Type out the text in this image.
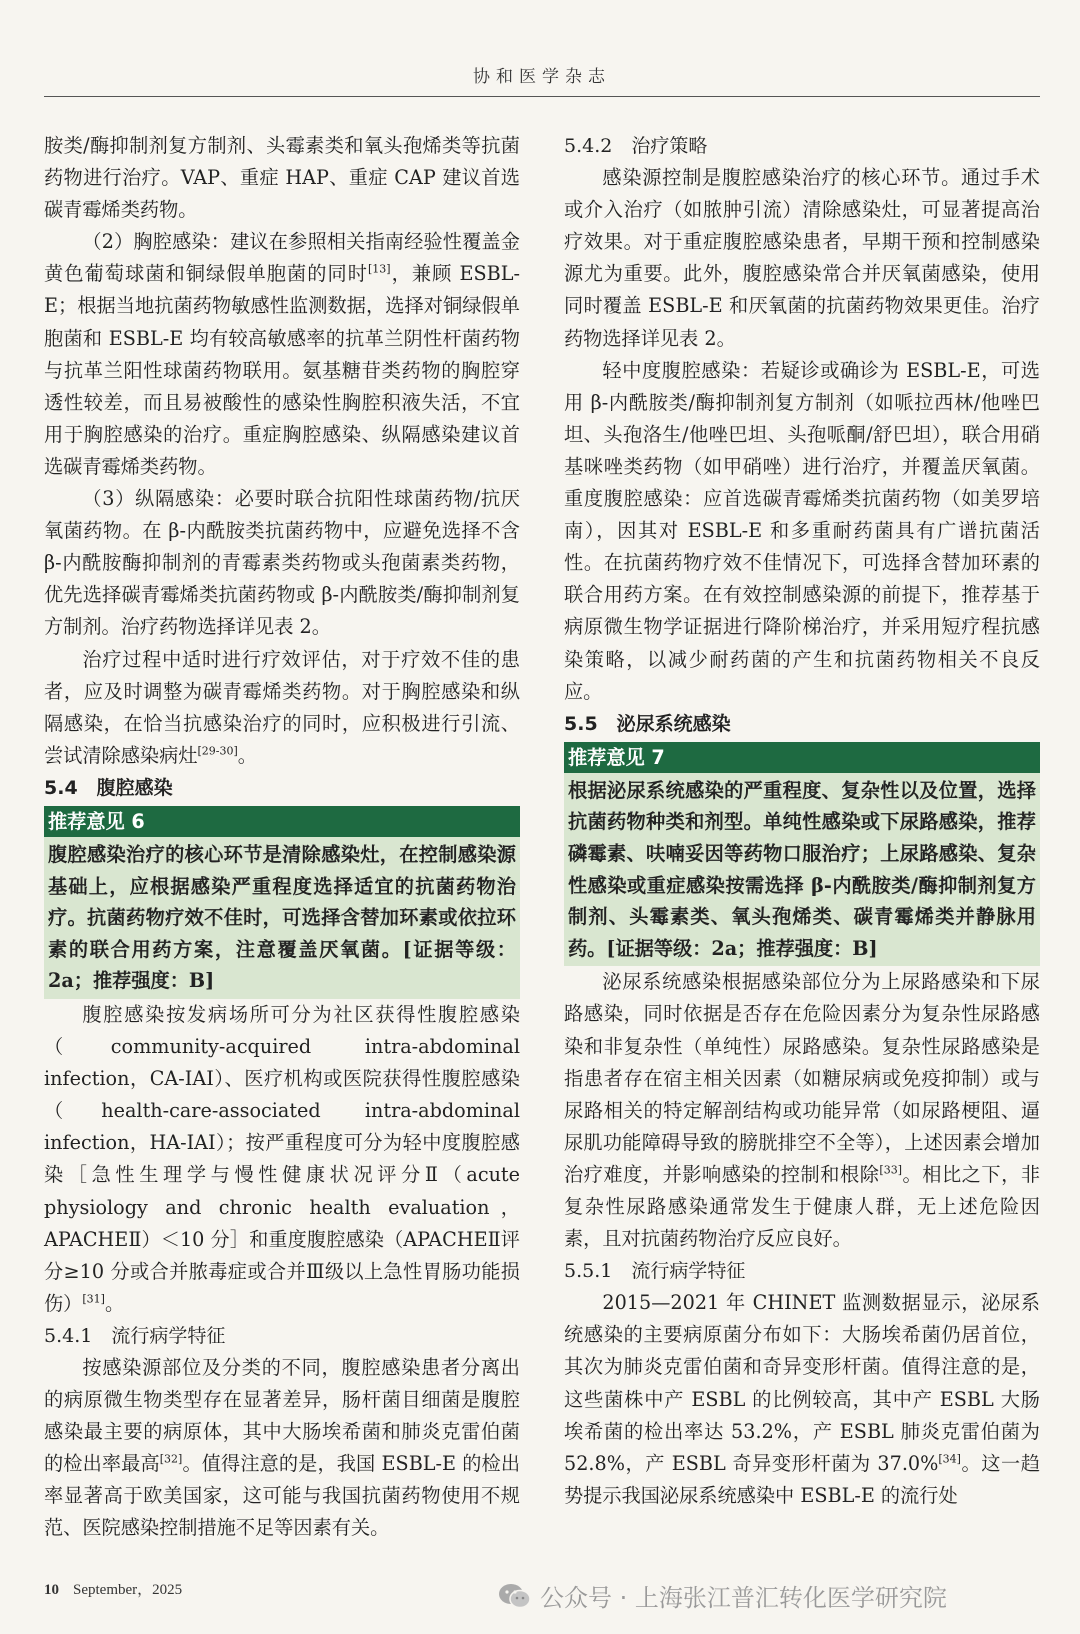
协和医学杂志

胺类/酶抑制剂复方制剂、头霉素类和氧头孢烯类等抗菌药物进行治疗。VAP、重症 HAP、重症 CAP 建议首选碳青霉烯类药物。

（2）胸腔感染：建议在参照相关指南经验性覆盖金黄色葡萄球菌和铜绿假单胞菌的同时[13]，兼顾 ESBL-E；根据当地抗菌药物敏感性监测数据，选择对铜绿假单胞菌和 ESBL-E 均有较高敏感率的抗革兰阴性杆菌药物与抗革兰阳性球菌药物联用。氨基糖苷类药物的胸腔穿透性较差，而且易被酸性的感染性胸腔积液失活，不宜用于胸腔感染的治疗。重症胸腔感染、纵隔感染建议首选碳青霉烯类药物。

（3）纵隔感染：必要时联合抗阳性球菌药物/抗厌氧菌药物。在 β-内酰胺类抗菌药物中，应避免选择不含 β-内酰胺酶抑制剂的青霉素类药物或头孢菌素类药物，优先选择碳青霉烯类抗菌药物或 β-内酰胺类/酶抑制剂复方制剂。治疗药物选择详见表 2。

治疗过程中适时进行疗效评估，对于疗效不佳的患者，应及时调整为碳青霉烯类药物。对于胸腔感染和纵隔感染，在恰当抗感染治疗的同时，应积极进行引流、尝试清除感染病灶[29-30]。

5.4　腹腔感染

推荐意见 6
腹腔感染治疗的核心环节是清除感染灶，在控制感染源基础上，应根据感染严重程度选择适宜的抗菌药物治疗。抗菌药物疗效不佳时，可选择含替加环素或依拉环素的联合用药方案，注意覆盖厌氧菌。[证据等级：2a；推荐强度：B]

腹腔感染按发病场所可分为社区获得性腹腔感染（community-acquired intra-abdominal infection，CA-IAI）、医疗机构或医院获得性腹腔感染（health-care-associated intra-abdominal infection，HA-IAI）；按严重程度可分为轻中度腹腔感染［急性生理学与慢性健康状况评分Ⅱ（acute physiology and chronic health evaluation，APACHEⅡ）＜10 分］和重度腹腔感染（APACHEⅡ评分≥10 分或合并脓毒症或合并Ⅲ级以上急性胃肠功能损伤）[31]。

5.4.1　流行病学特征

按感染源部位及分类的不同，腹腔感染患者分离出的病原微生物类型存在显著差异，肠杆菌目细菌是腹腔感染最主要的病原体，其中大肠埃希菌和肺炎克雷伯菌的检出率最高[32]。值得注意的是，我国 ESBL-E 的检出率显著高于欧美国家，这可能与我国抗菌药物使用不规范、医院感染控制措施不足等因素有关。

5.4.2　治疗策略

感染源控制是腹腔感染治疗的核心环节。通过手术或介入治疗（如脓肿引流）清除感染灶，可显著提高治疗效果。对于重症腹腔感染患者，早期干预和控制感染源尤为重要。此外，腹腔感染常合并厌氧菌感染，使用同时覆盖 ESBL-E 和厌氧菌的抗菌药物效果更佳。治疗药物选择详见表 2。

轻中度腹腔感染：若疑诊或确诊为 ESBL-E，可选用 β-内酰胺类/酶抑制剂复方制剂（如哌拉西林/他唑巴坦、头孢洛生/他唑巴坦、头孢哌酮/舒巴坦），联合用硝基咪唑类药物（如甲硝唑）进行治疗，并覆盖厌氧菌。重度腹腔感染：应首选碳青霉烯类抗菌药物（如美罗培南），因其对 ESBL-E 和多重耐药菌具有广谱抗菌活性。在抗菌药物疗效不佳情况下，可选择含替加环素的联合用药方案。在有效控制感染源的前提下，推荐基于病原微生物学证据进行降阶梯治疗，并采用短疗程抗感染策略，以减少耐药菌的产生和抗菌药物相关不良反应。

5.5　泌尿系统感染

推荐意见 7
根据泌尿系统感染的严重程度、复杂性以及位置，选择抗菌药物种类和剂型。单纯性感染或下尿路感染，推荐磷霉素、呋喃妥因等药物口服治疗；上尿路感染、复杂性感染或重症感染按需选择 β-内酰胺类/酶抑制剂复方制剂、头霉素类、氧头孢烯类、碳青霉烯类并静脉用药。[证据等级：2a；推荐强度：B]

泌尿系统感染根据感染部位分为上尿路感染和下尿路感染，同时依据是否存在危险因素分为复杂性尿路感染和非复杂性（单纯性）尿路感染。复杂性尿路感染是指患者存在宿主相关因素（如糖尿病或免疫抑制）或与尿路相关的特定解剖结构或功能异常（如尿路梗阻、逼尿肌功能障碍导致的膀胱排空不全等），上述因素会增加治疗难度，并影响感染的控制和根除[33]。相比之下，非复杂性尿路感染通常发生于健康人群，无上述危险因素，且对抗菌药物治疗反应良好。

5.5.1　流行病学特征

2015—2021 年 CHINET 监测数据显示，泌尿系统感染的主要病原菌分布如下：大肠埃希菌仍居首位，其次为肺炎克雷伯菌和奇异变形杆菌。值得注意的是，这些菌株中产 ESBL 的比例较高，其中产 ESBL 大肠埃希菌的检出率达 53.2%，产 ESBL 肺炎克雷伯菌为 52.8%，产 ESBL 奇异变形杆菌为 37.0%[34]。这一趋势提示我国泌尿系统感染中 ESBL-E 的流行处

10 September，2025	公众号 · 上海张江普汇转化医学研究院
